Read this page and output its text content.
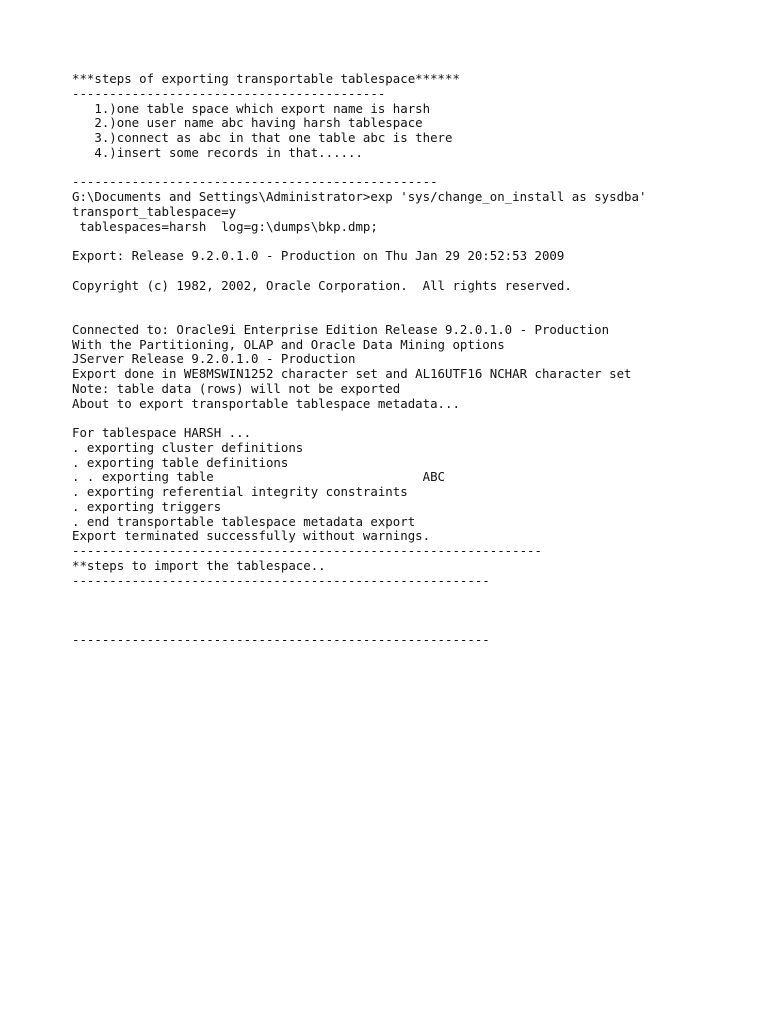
***steps of exporting transportable tablespace******
------------------------------------------
1.)one table space which export name is harsh
2.)one user name abc having harsh tablespace
3.)connect as abc in that one table abc is there
4.)insert some records in that......
-------------------------------------------------
G:\Documents and Settings\Administrator>exp 'sys/change_on_install as sysdba'
transport_tablespace=y
tablespaces=harsh  log=g:\dumps\bkp.dmp;
Export: Release 9.2.0.1.0 - Production on Thu Jan 29 20:52:53 2009
Copyright (c) 1982, 2002, Oracle Corporation.  All rights reserved.
Connected to: Oracle9i Enterprise Edition Release 9.2.0.1.0 - Production
With the Partitioning, OLAP and Oracle Data Mining options
JServer Release 9.2.0.1.0 - Production
Export done in WE8MSWIN1252 character set and AL16UTF16 NCHAR character set
Note: table data (rows) will not be exported
About to export transportable tablespace metadata...
For tablespace HARSH ...
. exporting cluster definitions
. exporting table definitions
. . exporting table                            ABC
. exporting referential integrity constraints
. exporting triggers
. end transportable tablespace metadata export
Export terminated successfully without warnings.
---------------------------------------------------------------
**steps to import the tablespace..
--------------------------------------------------------
--------------------------------------------------------
